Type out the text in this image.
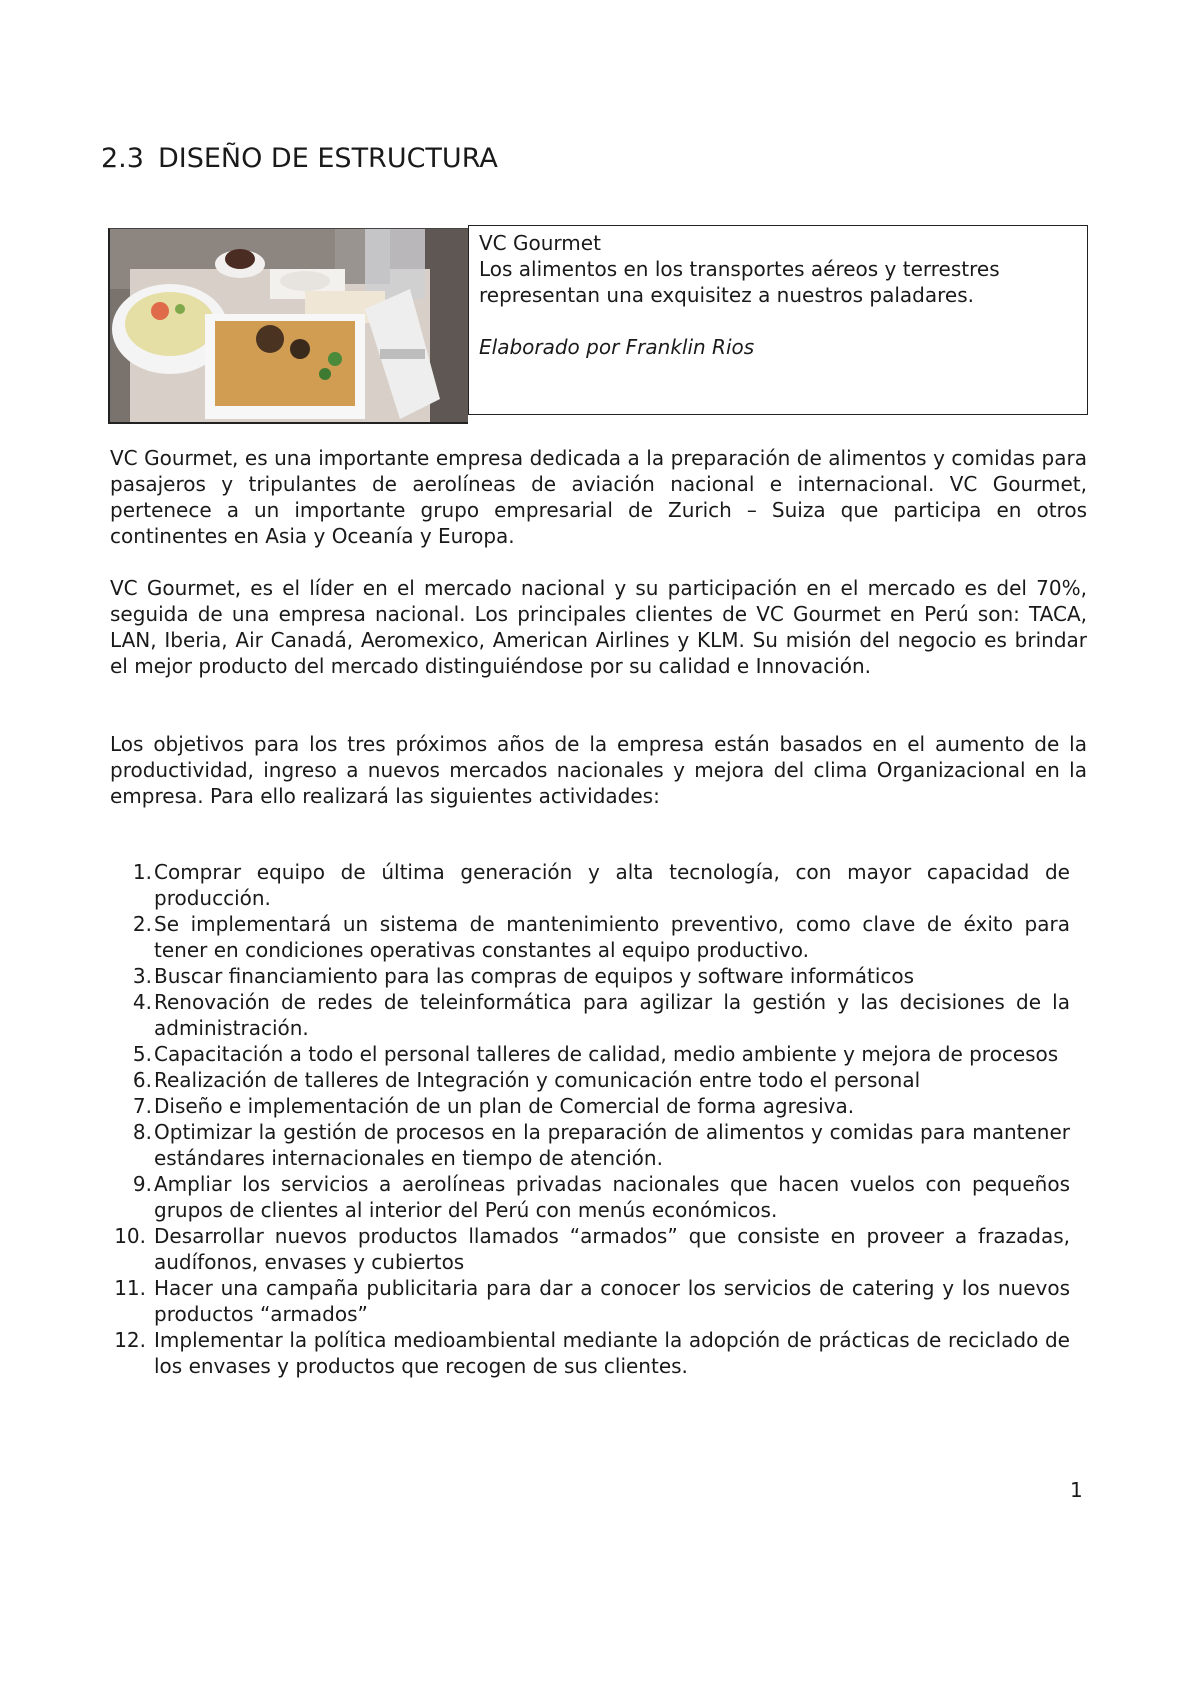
2.3 DISEÑO DE ESTRUCTURA

VC Gourmet

Los alimentos en los transportes aéreos y terrestres representan una exquisitez a nuestros paladares.

Elaborado por Franklin Rios

VC Gourmet, es una importante empresa dedicada a la preparación de alimentos y comidas para pasajeros y tripulantes de aerolíneas de aviación nacional e internacional. VC Gourmet, pertenece a un importante grupo empresarial de Zurich – Suiza que participa en otros continentes en Asia y Oceanía y Europa.

VC Gourmet, es el líder en el mercado nacional y su participación en el mercado es del 70%, seguida de una empresa nacional. Los principales clientes de VC Gourmet en Perú son: TACA, LAN, Iberia, Air Canadá, Aeromexico, American Airlines y KLM. Su misión del negocio es brindar el mejor producto del mercado distinguiéndose por su calidad e Innovación.

Los objetivos para los tres próximos años de la empresa están basados en el aumento de la productividad, ingreso a nuevos mercados nacionales y mejora del clima Organizacional en la empresa. Para ello realizará las siguientes actividades:

1. Comprar equipo de última generación y alta tecnología, con mayor capacidad de producción.
2. Se implementará un sistema de mantenimiento preventivo, como clave de éxito para tener en condiciones operativas constantes al equipo productivo.
3. Buscar financiamiento para las compras de equipos y software informáticos
4. Renovación de redes de teleinformática para agilizar la gestión y las decisiones de la administración.
5. Capacitación a todo el personal talleres de calidad, medio ambiente y mejora de procesos
6. Realización de talleres de Integración y comunicación entre todo el personal
7. Diseño e implementación de un plan de Comercial de forma agresiva.
8. Optimizar la gestión de procesos en la preparación de alimentos y comidas para mantener estándares internacionales en tiempo de atención.
9. Ampliar los servicios a aerolíneas privadas nacionales que hacen vuelos con pequeños grupos de clientes al interior del Perú con menús económicos.
10. Desarrollar nuevos productos llamados “armados” que consiste en proveer a frazadas, audífonos, envases y cubiertos
11. Hacer una campaña publicitaria para dar a conocer los servicios de catering y los nuevos productos “armados”
12. Implementar la política medioambiental mediante la adopción de prácticas de reciclado de los envases y productos que recogen de sus clientes.
1
